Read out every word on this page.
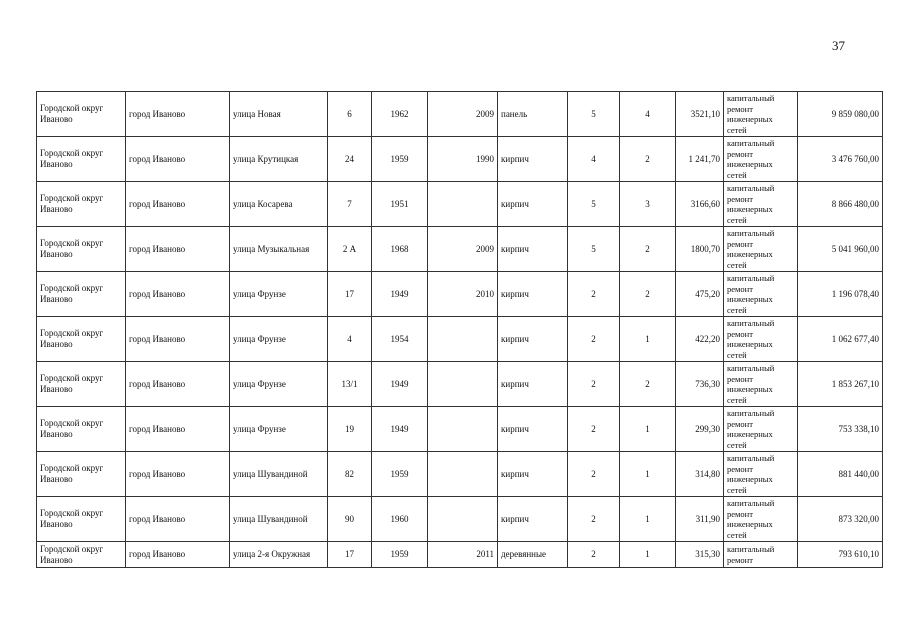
37
Городской округ Иваново	город Иваново	улица Новая	6	1962	2009	панель	5	4	3521,10	капитальный ремонт инженерных сетей	9 859 080,00
Городской округ Иваново	город Иваново	улица Крутицкая	24	1959	1990	кирпич	4	2	1 241,70	капитальный ремонт инженерных сетей	3 476 760,00
Городской округ Иваново	город Иваново	улица Косарева	7	1951		кирпич	5	3	3166,60	капитальный ремонт инженерных сетей	8 866 480,00
Городской округ Иваново	город Иваново	улица Музыкальная	2 А	1968	2009	кирпич	5	2	1800,70	капитальный ремонт инженерных сетей	5 041 960,00
Городской округ Иваново	город Иваново	улица Фрунзе	17	1949	2010	кирпич	2	2	475,20	капитальный ремонт инженерных сетей	1 196 078,40
Городской округ Иваново	город Иваново	улица Фрунзе	4	1954		кирпич	2	1	422,20	капитальный ремонт инженерных сетей	1 062 677,40
Городской округ Иваново	город Иваново	улица Фрунзе	13/1	1949		кирпич	2	2	736,30	капитальный ремонт инженерных сетей	1 853 267,10
Городской округ Иваново	город Иваново	улица Фрунзе	19	1949		кирпич	2	1	299,30	капитальный ремонт инженерных сетей	753 338,10
Городской округ Иваново	город Иваново	улица Шувандиной	82	1959		кирпич	2	1	314,80	капитальный ремонт инженерных сетей	881 440,00
Городской округ Иваново	город Иваново	улица Шувандиной	90	1960		кирпич	2	1	311,90	капитальный ремонт инженерных сетей	873 320,00
Городской округ Иваново	город Иваново	улица 2-я Окружная	17	1959	2011	деревянные	2	1	315,30	капитальный ремонт	793 610,10
